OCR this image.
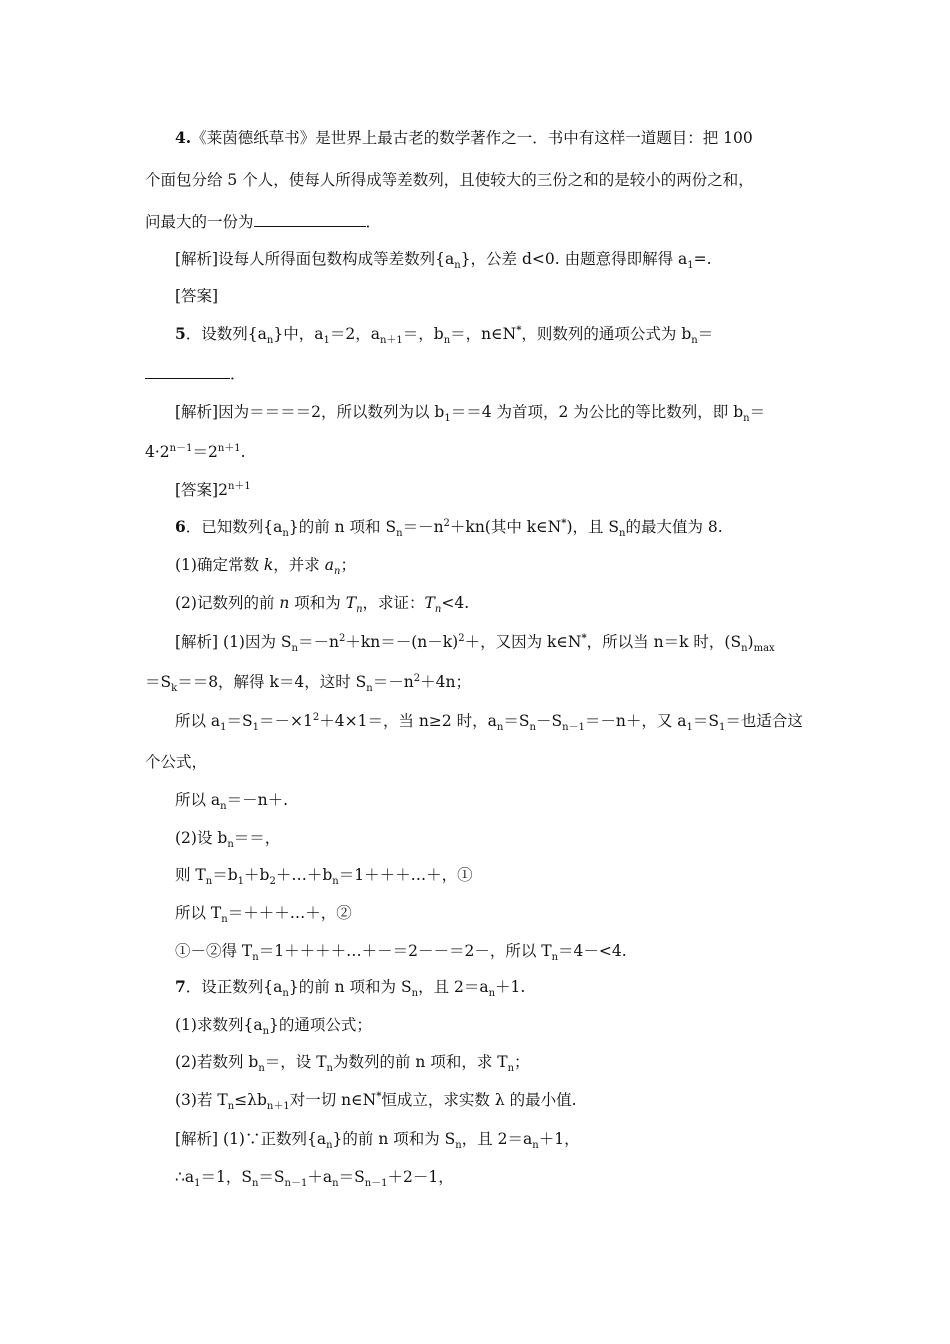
4.《莱茵德纸草书》是世界上最古老的数学著作之一．书中有这样一道题目：把 100
个面包分给 5 个人，使每人所得成等差数列，且使较大的三份之和的是较小的两份之和，
问最大的一份为	．
[解析]设每人所得面包数构成等差数列$\{a_n\}$，公差 d<0. 由题意得即解得 $a_1=$.
[答案]
5．设数列$\{a_n\}$中，$a_1=2$，$a_{n+1}=$，$b_n=$，n∈N*，则数列的通项公式为 $b_n=$
．
[解析]因为＝＝＝＝2，所以数列为以 $b_1==4$ 为首项，2 为公比的等比数列，即 $b_n=$
$4\cdot 2^{n-1}=2^{n+1}$.
[答案]$2^{n+1}$
6．已知数列$\{a_n\}$的前 n 项和 $S_n=-n^2+kn$(其中 k∈N*)，且 $S_n$的最大值为 8.
(1)确定常数 k，并求 $a_n$；
(2)记数列的前 n 项和为 $T_n$，求证：$T_n<4$.
[解析] (1)因为 $S_n=-n^2+kn=-(n-k)^2+$，又因为 k∈N*，所以当 n＝k 时，$(S_n)_{max}$
$=S_k==8$，解得 k＝4，这时 $S_n=-n^2+4n$；
所以 $a_1=S_1=-\times 1^2+4\times 1=$，当 n≥2 时，$a_n=S_n-S_{n-1}=-n+$，又 $a_1=S_1=$也适合这
个公式，
所以 $a_n=-n+$.
(2)设 $b_n==$，
则 $T_n=b_1+b_2+\dots+b_n=1+++\dots+$，①
所以 $T_n=+++\dots+$，②
①－②得 $T_n=1++++\dots+-=2--=2-$，所以 $T_n=4-<4$.
7．设正数列$\{a_n\}$的前 n 项和为 $S_n$，且 $2=a_n+1$.
(1)求数列$\{a_n\}$的通项公式；
(2)若数列 $b_n=$，设 $T_n$为数列的前 n 项和，求 $T_n$；
(3)若 $T_n\le\lambda b_{n+1}$对一切 n∈N*恒成立，求实数 λ 的最小值.
[解析] (1)∵正数列$\{a_n\}$的前 n 项和为 $S_n$，且 $2=a_n+1$，
$\therefore a_1=1$，$S_n=S_{n-1}+a_n=S_{n-1}+2-1$，
